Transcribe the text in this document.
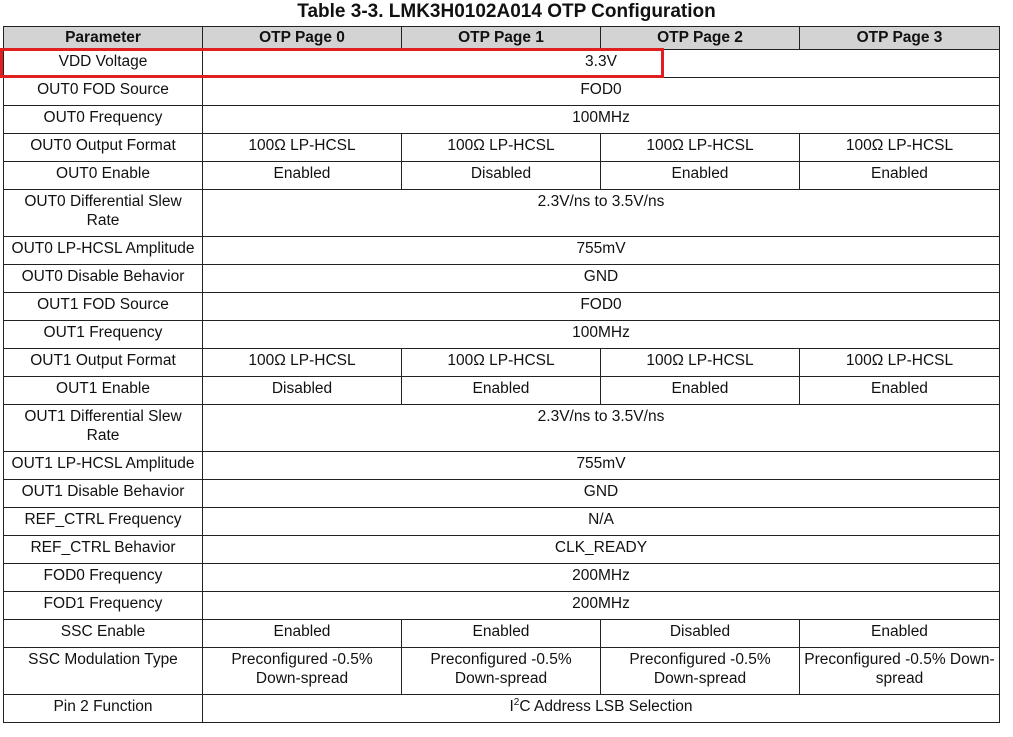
Table 3-3. LMK3H0102A014 OTP Configuration
Parameter	OTP Page 0	OTP Page 1	OTP Page 2	OTP Page 3
VDD Voltage	3.3V			
OUT0 FOD Source	FOD0			
OUT0 Frequency	100MHz			
OUT0 Output Format	100Ω LP-HCSL	100Ω LP-HCSL	100Ω LP-HCSL	100Ω LP-HCSL
OUT0 Enable	Enabled	Disabled	Enabled	Enabled
OUT0 Differential Slew Rate	2.3V/ns to 3.5V/ns			
OUT0 LP-HCSL Amplitude	755mV			
OUT0 Disable Behavior	GND			
OUT1 FOD Source	FOD0			
OUT1 Frequency	100MHz			
OUT1 Output Format	100Ω LP-HCSL	100Ω LP-HCSL	100Ω LP-HCSL	100Ω LP-HCSL
OUT1 Enable	Disabled	Enabled	Enabled	Enabled
OUT1 Differential Slew Rate	2.3V/ns to 3.5V/ns			
OUT1 LP-HCSL Amplitude	755mV			
OUT1 Disable Behavior	GND			
REF_CTRL Frequency	N/A			
REF_CTRL Behavior	CLK_READY			
FOD0 Frequency	200MHz			
FOD1 Frequency	200MHz			
SSC Enable	Enabled	Enabled	Disabled	Enabled
SSC Modulation Type	Preconfigured -0.5% Down-spread	Preconfigured -0.5% Down-spread	Preconfigured -0.5% Down-spread	Preconfigured -0.5% Down-spread
Pin 2 Function	$I^2C$ Address LSB Selection			
